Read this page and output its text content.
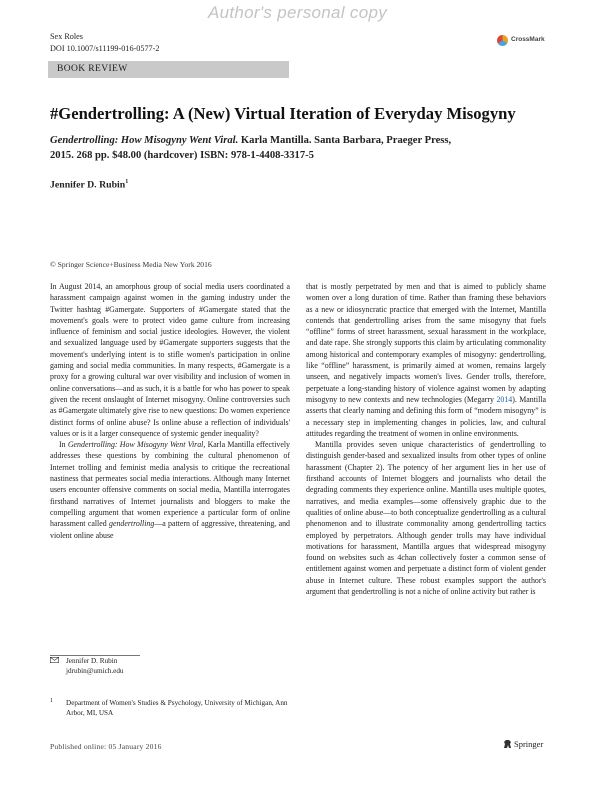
Author's personal copy
Sex Roles
DOI 10.1007/s11199-016-0577-2
CrossMark
BOOK REVIEW
#Gendertrolling: A (New) Virtual Iteration of Everyday Misogyny
Gendertrolling: How Misogyny Went Viral. Karla Mantilla. Santa Barbara, Praeger Press,
2015. 268 pp. $48.00 (hardcover) ISBN: 978-1-4408-3317-5
Jennifer D. Rubin$^1$
© Springer Science+Business Media New York 2016

In August 2014, an amorphous group of social media users coordinated a harassment campaign against women in the gaming industry under the Twitter hashtag #Gamergate. Supporters of #Gamergate stated that the movement's goals were to protect video game culture from increasing influence of feminism and social justice ideologies. However, the violent and sexualized language used by #Gamergate supporters suggests that the movement's underlying intent is to stifle women's participation in online gaming and social media communities. In many respects, #Gamergate is a proxy for a growing cultural war over visibility and inclusion of women in online conversations—and as such, it is a battle for who has power to speak given the recent onslaught of Internet misogyny. Online controversies such as #Gamergate ultimately give rise to new questions: Do women experience distinct forms of online abuse? Is online abuse a reflection of individuals' values or is it a larger consequence of systemic gender inequality?

In Gendertrolling: How Misogyny Went Viral, Karla Mantilla effectively addresses these questions by combining the cultural phenomenon of Internet trolling and feminist media analysis to critique the recreational nastiness that permeates social media interactions. Although many Internet users encounter offensive comments on social media, Mantilla interrogates firsthand narratives of Internet journalists and bloggers to make the compelling argument that women experience a particular form of online harassment called gendertrolling—a pattern of aggressive, threatening, and violent online abuse

that is mostly perpetrated by men and that is aimed to publicly shame women over a long duration of time. Rather than framing these behaviors as a new or idiosyncratic practice that emerged with the Internet, Mantilla contends that gendertrolling arises from the same misogyny that fuels “offline” forms of street harassment, sexual harassment in the workplace, and date rape. She strongly supports this claim by articulating commonality among historical and contemporary examples of misogyny: gendertrolling, like “offline” harassment, is primarily aimed at women, remains largely unseen, and negatively impacts women's lives. Gender trolls, therefore, perpetuate a long-standing history of violence against women by adapting misogyny to new contexts and new technologies (Megarry 2014). Mantilla asserts that clearly naming and defining this form of “modern misogyny” is a necessary step in implementing changes in policies, law, and cultural attitudes regarding the treatment of women in online environments.

Mantilla provides seven unique characteristics of gendertrolling to distinguish gender-based and sexualized insults from other types of online harassment (Chapter 2). The potency of her argument lies in her use of firsthand accounts of Internet bloggers and journalists who detail the degrading comments they experience online. Mantilla uses multiple quotes, narratives, and media examples—some offensively graphic due to the qualities of online abuse—to both conceptualize gendertrolling as a cultural phenomenon and to illustrate commonality among gendertrolling tactics employed by perpetrators. Although gender trolls may have individual motivations for harassment, Mantilla argues that widespread misogyny found on websites such as 4chan collectively foster a common sense of entitlement against women and perpetuate a distinct form of violent gender abuse in Internet culture. These robust examples support the author's argument that gendertrolling is not a niche of online activity but rather is

Jennifer D. Rubin
jdrubin@umich.edu
1 Department of Women's Studies & Psychology, University of Michigan, Ann Arbor, MI, USA
Published online: 05 January 2016	Springer
